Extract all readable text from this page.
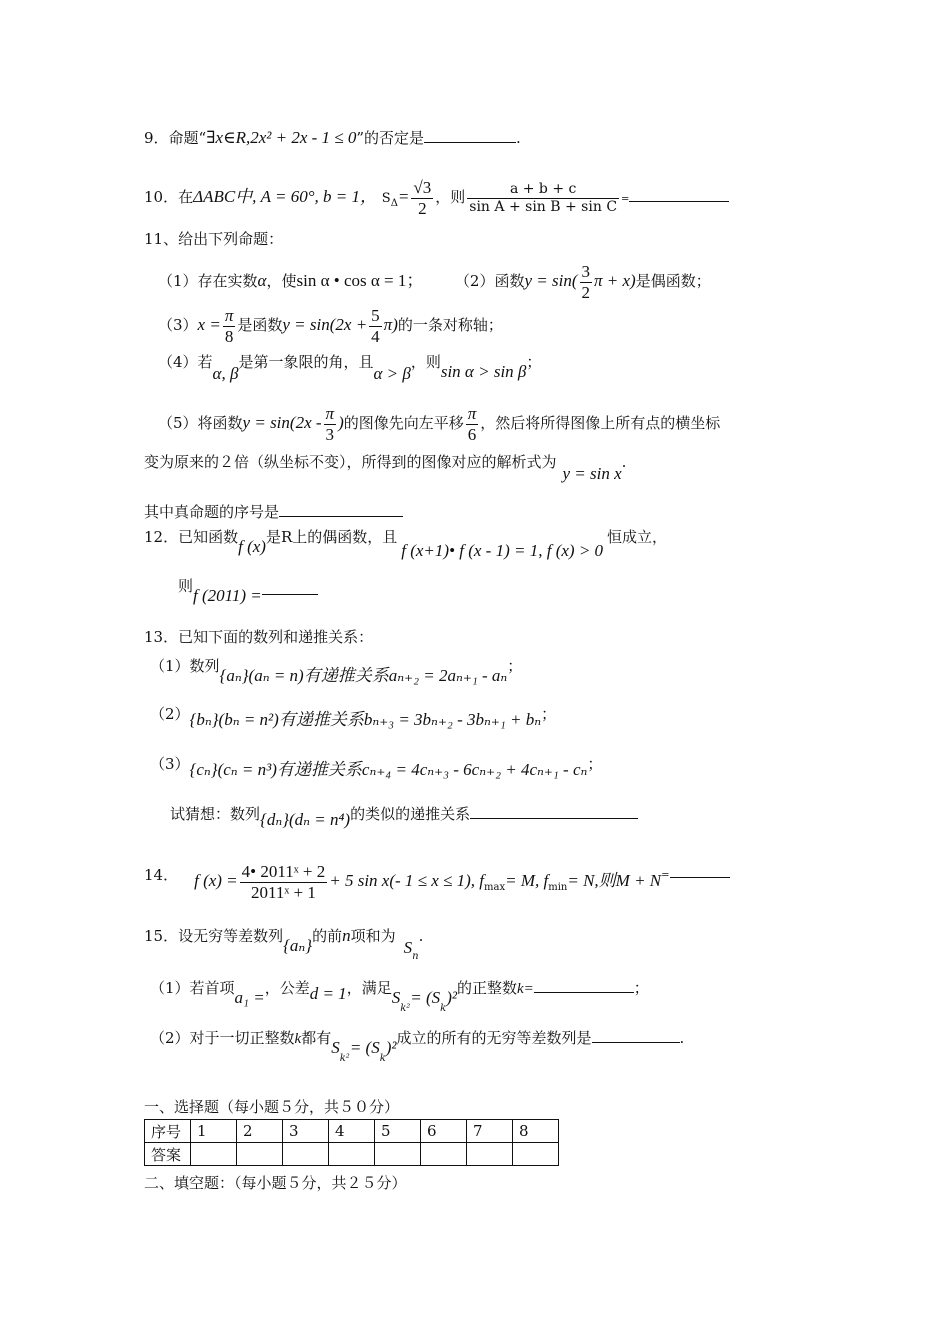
9．命题“∃x∈R,2x² + 2x - 1 ≤ 0”的否定是	.
10．在ΔABC中, A = 60°, b = 1， $S_\Delta= \frac{√3}{2}$ ，则 $\frac{a + b + c}{\text{sin A + sin B + sin C}}$ =
11、给出下列命题：
（1）存在实数α，使sin α • cos α = 1； （2）函数$y = \sin( \frac{3}{2}$ π + x)是偶函数；
$(3)x = \frac{\pi}{8}$ 是函数$y = \sin(2x + \frac{5}{4} \pi)$的一条对称轴；
（4）若α, β是第一象限的角，且α > β，则sin α > sin β；
（5）将函数$y = \sin(2x - \frac{\pi}{3}$ )的图像先向左平移 $\frac{\pi}{6}$ ，然后将所得图像上所有点的横坐标
变为原来的２倍（纵坐标不变），所得到的图像对应的解析式为y = sin x.
其中真命题的序号是
12．已知函数f (x)是R上的偶函数，且f (x+1)• f (x - 1) = 1, f (x) > 0恒成立，
则f (2011) =
13．已知下面的数列和递推关系：
（1）数列{aₙ}(aₙ = n)有递推关系aₙ₊₂ = 2aₙ₊₁ - aₙ；
（2）{bₙ}(bₙ = n²)有递推关系bₙ₊₃ = 3bₙ₊₂ - 3bₙ₊₁ + bₙ；
（3）{cₙ}(cₙ = n³)有递推关系cₙ₊₄ = 4cₙ₊₃ - 6cₙ₊₂ + 4cₙ₊₁ - cₙ；
试猜想：数列{dₙ}(dₙ = n⁴)的类似的递推关系
14． f $(x) = \frac{\text{4• 2011ˣ + 2}}{\text{2011ˣ + 1}} + 5$ sin x(- 1 ≤ x ≤ 1), $f_{max}= M$, $f_{min}= N$,则M + N=
15．设无穷等差数列{aₙ}的前n项和为$S_n$.
（1）若首项a₁ =，公差d = 1，满足$S_{k^2}= (S_k)^2$的正整数k=	；
（2）对于一切正整数k都有$S_{k^2}= (S_k)^2$成立的所有的无穷等差数列是	.
一、选择题（每小题５分，共５０分）
序号	1	2	3	4	5	6	7	8
答案								
二、填空题：（每小题５分，共２５分）
